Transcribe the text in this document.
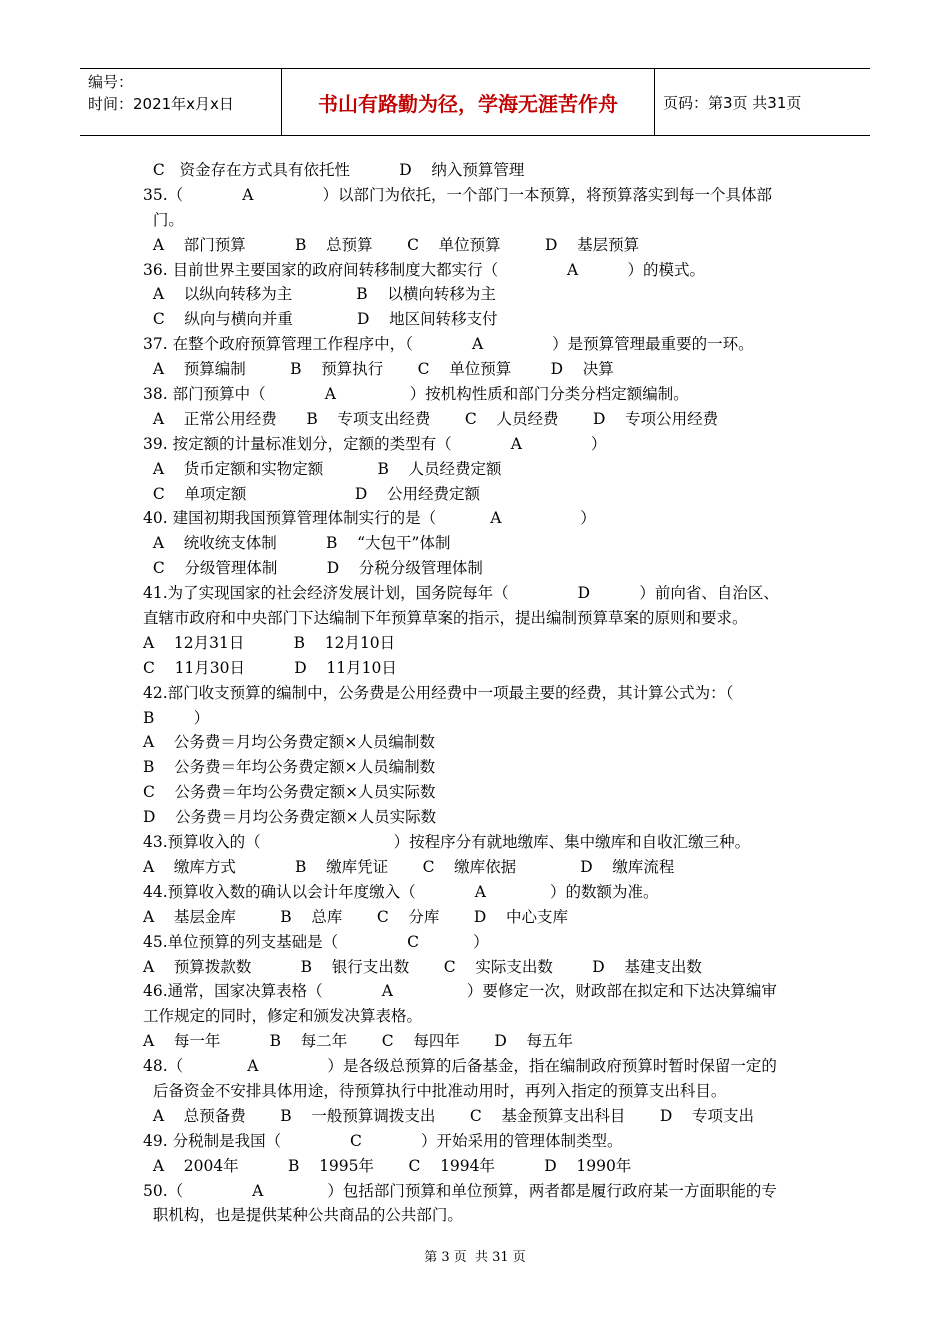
编号：
时间：2021年x月x日	书山有路勤为径，学海无涯苦作舟	页码：第3页 共31页
C   资金存在方式具有依托性          D    纳入预算管理
35.（            A              ）以部门为依托，一个部门一本预算，将预算落实到每一个具体部
门。
A    部门预算          B    总预算       C    单位预算         D    基层预算
36. 目前世界主要国家的政府间转移制度大都实行（              A          ）的模式。
A    以纵向转移为主             B    以横向转移为主
C    纵向与横向并重             D    地区间转移支付
37. 在整个政府预算管理工作程序中，（            A              ）是预算管理最重要的一环。
A    预算编制         B    预算执行       C    单位预算        D    决算
38. 部门预算中（            A               ）按机构性质和部门分类分档定额编制。
A    正常公用经费      B    专项支出经费       C    人员经费       D    专项公用经费
39. 按定额的计量标准划分，定额的类型有（            A              ）
A    货币定额和实物定额           B    人员经费定额
C    单项定额                      D    公用经费定额
40. 建国初期我国预算管理体制实行的是（           A                ）
A    统收统支体制          B    “大包干”体制
C    分级管理体制          D    分税分级管理体制
41.为了实现国家的社会经济发展计划，国务院每年（              D          ）前向省、自治区、
直辖市政府和中央部门下达编制下年预算草案的指示，提出编制预算草案的原则和要求。
A    12月31日          B    12月10日
C    11月30日          D    11月10日
42.部门收支预算的编制中，公务费是公用经费中一项最主要的经费，其计算公式为：（
B        ）
A    公务费＝月均公务费定额×人员编制数
B    公务费＝年均公务费定额×人员编制数
C    公务费＝年均公务费定额×人员实际数
D    公务费＝月均公务费定额×人员实际数
43.预算收入的（                           ）按程序分有就地缴库、集中缴库和自收汇缴三种。
A    缴库方式            B    缴库凭证       C    缴库依据             D    缴库流程
44.预算收入数的确认以会计年度缴入（            A             ）的数额为准。
A    基层金库         B    总库       C    分库       D    中心支库
45.单位预算的列支基础是（              C           ）
A    预算拨款数          B    银行支出数       C    实际支出数        D    基建支出数
46.通常，国家决算表格（            A               ）要修定一次，财政部在拟定和下达决算编审
工作规定的同时，修定和颁发决算表格。
A    每一年          B    每二年       C    每四年       D    每五年
48.（             A              ）是各级总预算的后备基金，指在编制政府预算时暂时保留一定的
后备资金不安排具体用途，待预算执行中批准动用时，再列入指定的预算支出科目。
A    总预备费       B    一般预算调拨支出       C    基金预算支出科目       D    专项支出
49. 分税制是我国（              C            ）开始采用的管理体制类型。
A    2004年          B    1995年       C    1994年          D    1990年
50.（              A             ）包括部门预算和单位预算，两者都是履行政府某一方面职能的专
职机构，也是提供某种公共商品的公共部门。
第 3 页  共 31 页
